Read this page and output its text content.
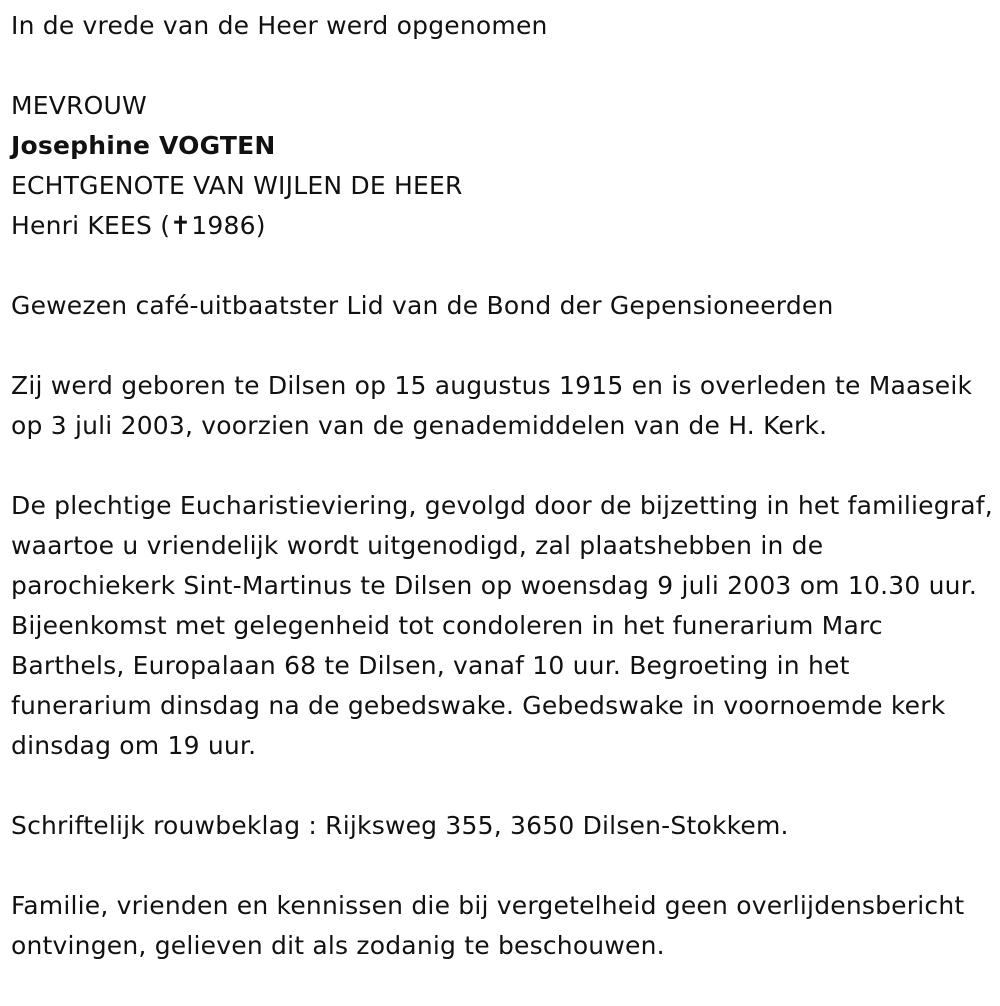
In de vrede van de Heer werd opgenomen

MEVROUW

Josephine VOGTEN

ECHTGENOTE VAN WIJLEN DE HEER

Henri KEES (✝1986)

Gewezen café-uitbaatster Lid van de Bond der Gepensioneerden

Zij werd geboren te Dilsen op 15 augustus 1915 en is overleden te Maaseik op 3 juli 2003, voorzien van de genademiddelen van de H. Kerk.

De plechtige Eucharistieviering, gevolgd door de bijzetting in het familiegraf, waartoe u vriendelijk wordt uitgenodigd, zal plaatshebben in de parochiekerk Sint-Martinus te Dilsen op woensdag 9 juli 2003 om 10.30 uur. Bijeenkomst met gelegenheid tot condoleren in het funerarium Marc Barthels, Europalaan 68 te Dilsen, vanaf 10 uur. Begroeting in het funerarium dinsdag na de gebedswake. Gebedswake in voornoemde kerk dinsdag om 19 uur.

Schriftelijk rouwbeklag : Rijksweg 355, 3650 Dilsen-Stokkem.

Familie, vrienden en kennissen die bij vergetelheid geen overlijdensbericht ontvingen, gelieven dit als zodanig te beschouwen.
